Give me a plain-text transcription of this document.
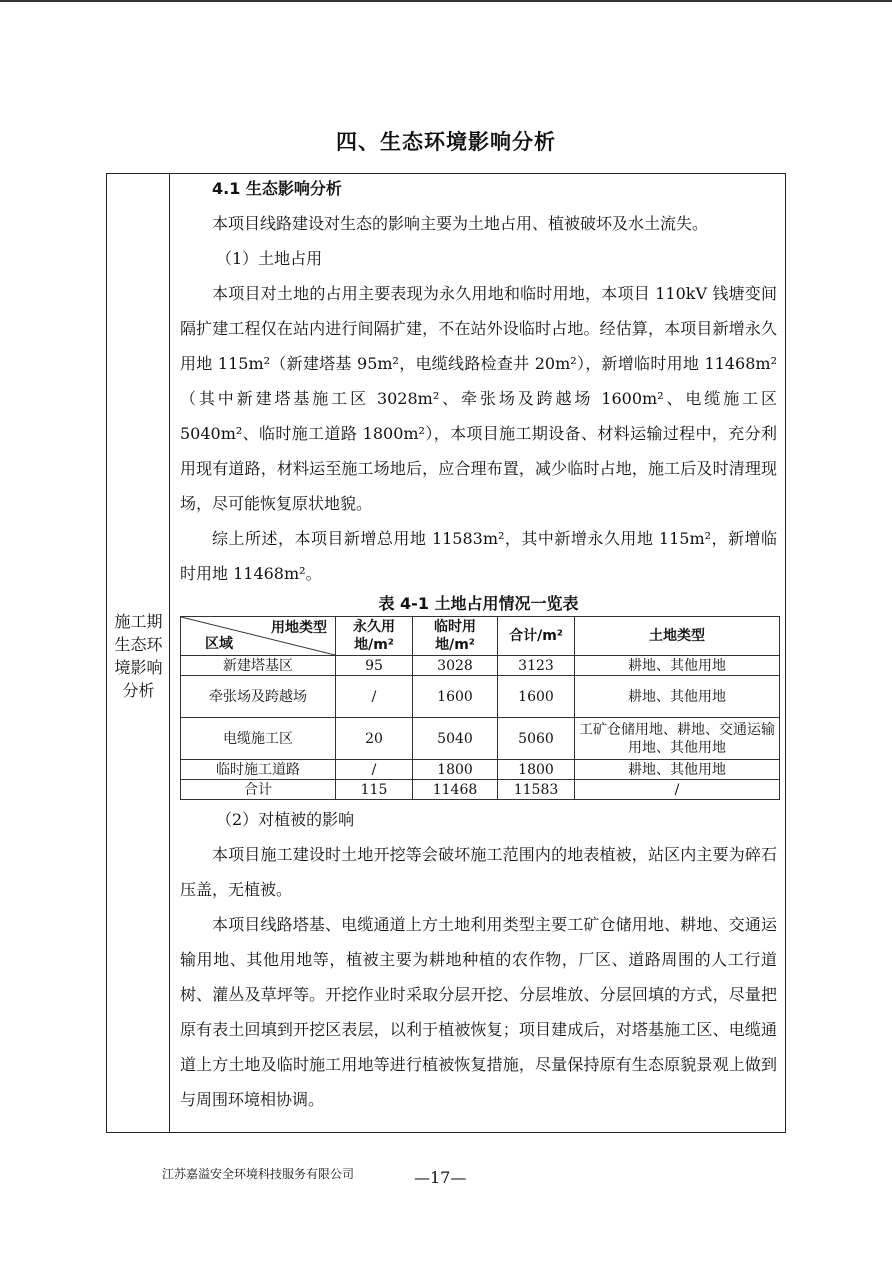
四、生态环境影响分析
施工期生态环境影响分析
4.1 生态影响分析

本项目线路建设对生态的影响主要为土地占用、植被破坏及水土流失。

（1）土地占用

本项目对土地的占用主要表现为永久用地和临时用地，本项目 110kV 钱塘变间隔扩建工程仅在站内进行间隔扩建，不在站外设临时占地。经估算，本项目新增永久用地 115m²（新建塔基 95m²，电缆线路检查井 20m²），新增临时用地 11468m²（其中新建塔基施工区 3028m²、牵张场及跨越场 1600m²、电缆施工区 5040m²、临时施工道路 1800m²），本项目施工期设备、材料运输过程中，充分利用现有道路，材料运至施工场地后，应合理布置，减少临时占地，施工后及时清理现场，尽可能恢复原状地貌。

综上所述，本项目新增总用地 11583m²，其中新增永久用地 115m²，新增临时用地 11468m²。

表 4-1 土地占用情况一览表
用地类型
区域	永久用地/m²	临时用地/m²	合计/m²	土地类型
新建塔基区	95	3028	3123	耕地、其他用地
牵张场及跨越场	/	1600	1600	耕地、其他用地
电缆施工区	20	5040	5060	工矿仓储用地、耕地、交通运输用地、其他用地
临时施工道路	/	1800	1800	耕地、其他用地
合计	115	11468	11583	/

（2）对植被的影响

本项目施工建设时土地开挖等会破坏施工范围内的地表植被，站区内主要为碎石压盖，无植被。

本项目线路塔基、电缆通道上方土地利用类型主要工矿仓储用地、耕地、交通运输用地、其他用地等，植被主要为耕地种植的农作物，厂区、道路周围的人工行道树、灌丛及草坪等。开挖作业时采取分层开挖、分层堆放、分层回填的方式，尽量把原有表土回填到开挖区表层，以利于植被恢复；项目建成后，对塔基施工区、电缆通道上方土地及临时施工用地等进行植被恢复措施，尽量保持原有生态原貌景观上做到与周围环境相协调。

江苏嘉溢安全环境科技服务有限公司	—17—
